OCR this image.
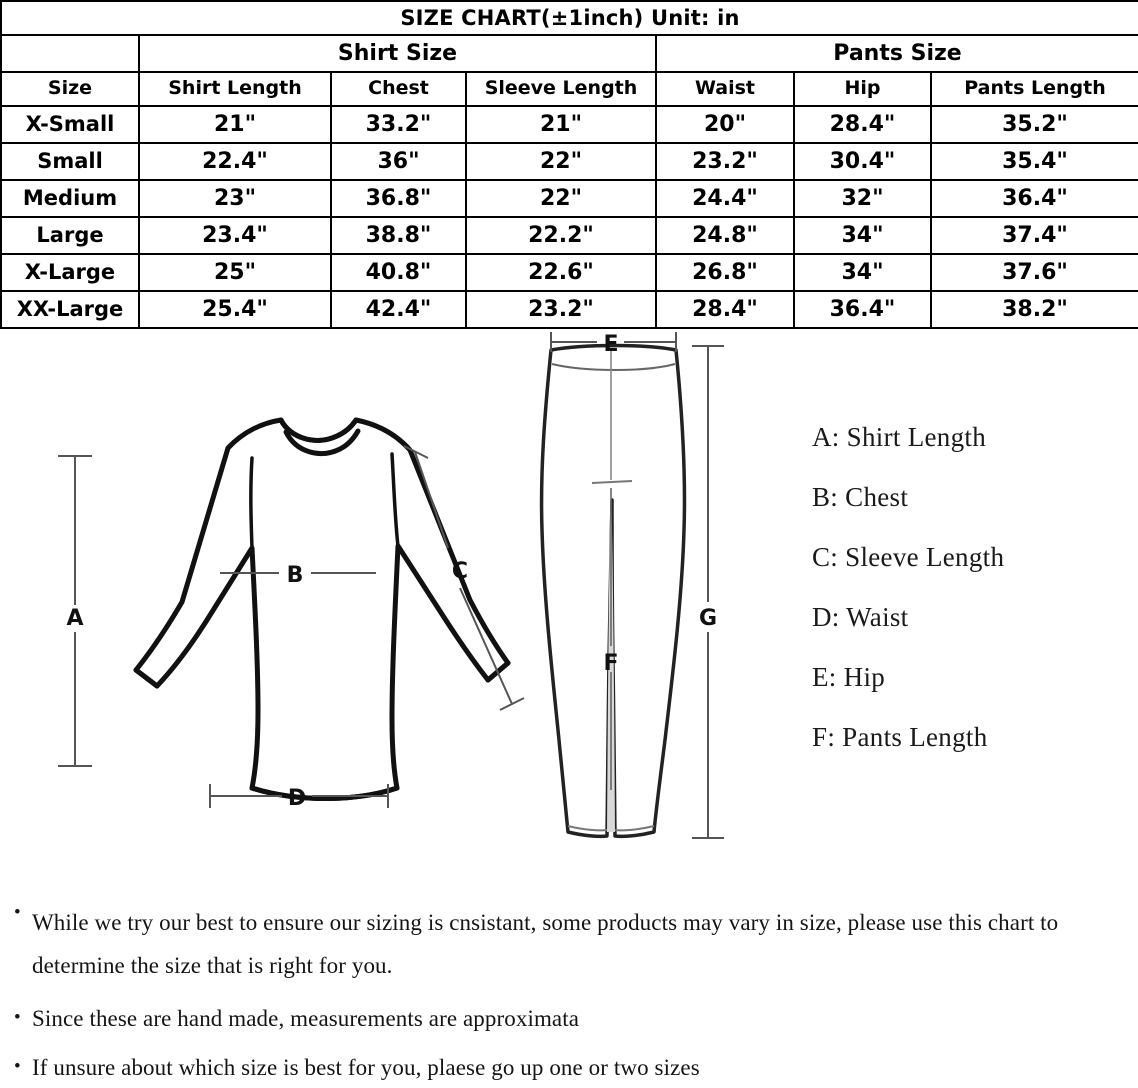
SIZE CHART(±1inch) Unit: in						
	Shirt Size			Pants Size		
Size	Shirt Length	Chest	Sleeve Length	Waist	Hip	Pants Length
X-Small	21"	33.2"	21"	20"	28.4"	35.2"
Small	22.4"	36"	22"	23.2"	30.4"	35.4"
Medium	23"	36.8"	22"	24.4"	32"	36.4"
Large	23.4"	38.8"	22.2"	24.8"	34"	37.4"
X-Large	25"	40.8"	22.6"	26.8"	34"	37.6"
XX-Large	25.4"	42.4"	23.2"	28.4"	36.4"	38.2"
A
B	C
D
E
F
G
A: Shirt Length
B: Chest
C: Sleeve Length
D: Waist
E: Hip
F: Pants Length
• While we try our best to ensure our sizing is cnsistant, some products may vary in size, please use this chart to determine the size that is right for you.
• Since these are hand made, measurements are approximata
• If unsure about which size is best for you, plaese go up one or two sizes
